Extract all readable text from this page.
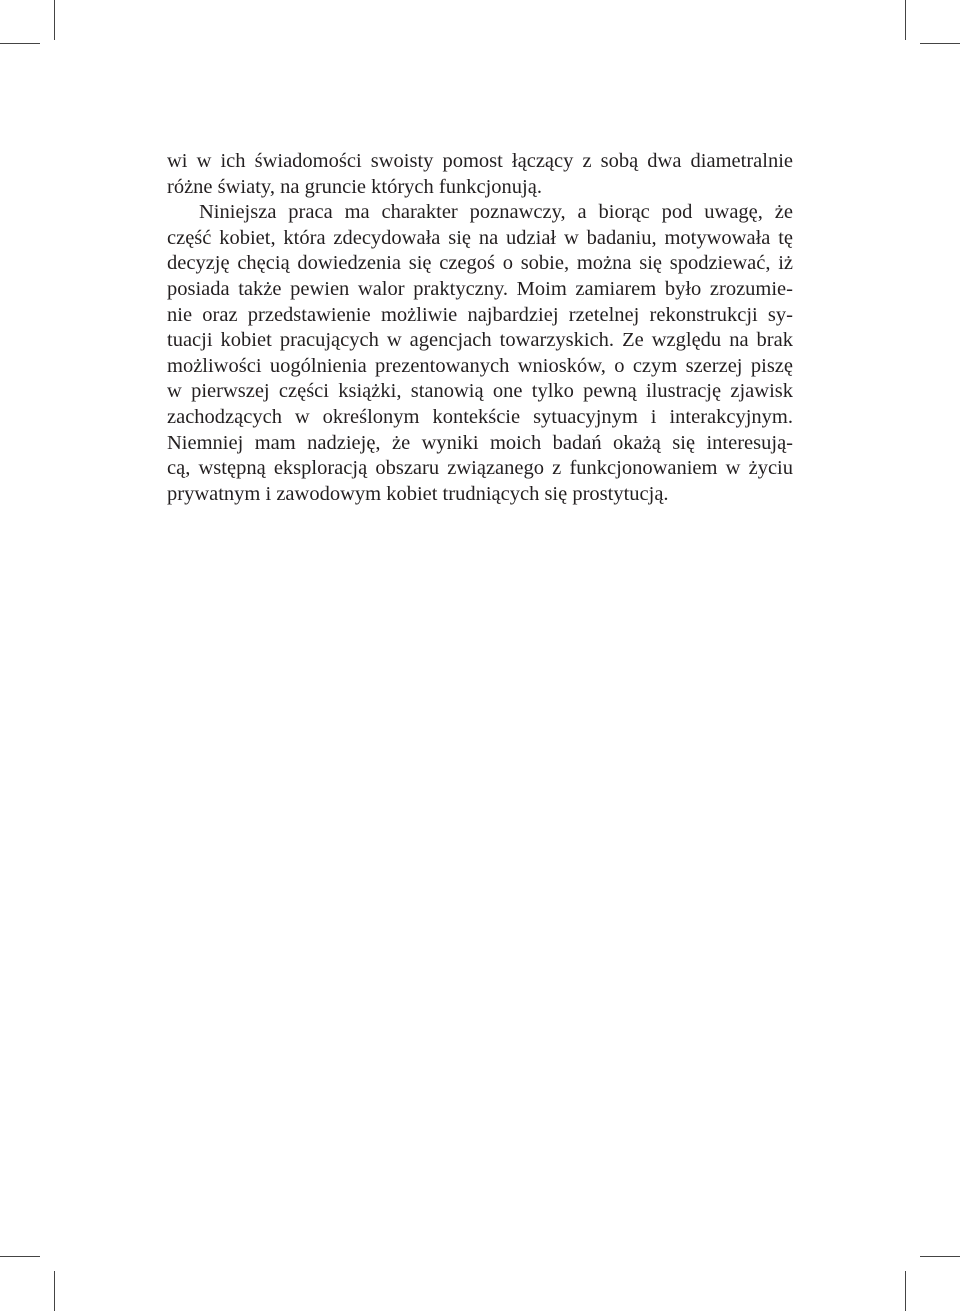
wi w ich świadomości swoisty pomost łączący z sobą dwa diametralnie
różne światy, na gruncie których funkcjonują.
Niniejsza praca ma charakter poznawczy, a biorąc pod uwagę, że
część kobiet, która zdecydowała się na udział w badaniu, motywowała tę
decyzję chęcią dowiedzenia się czegoś o sobie, można się spodziewać, iż
posiada także pewien walor praktyczny. Moim zamiarem było zrozumie-
nie oraz przedstawienie możliwie najbardziej rzetelnej rekonstrukcji sy-
tuacji kobiet pracujących w agencjach towarzyskich. Ze względu na brak
możliwości uogólnienia prezentowanych wniosków, o czym szerzej piszę
w pierwszej części książki, stanowią one tylko pewną ilustrację zjawisk
zachodzących w określonym kontekście sytuacyjnym i interakcyjnym.
Niemniej mam nadzieję, że wyniki moich badań okażą się interesują-
cą, wstępną eksploracją obszaru związanego z funkcjonowaniem w życiu
prywatnym i zawodowym kobiet trudniących się prostytucją.
